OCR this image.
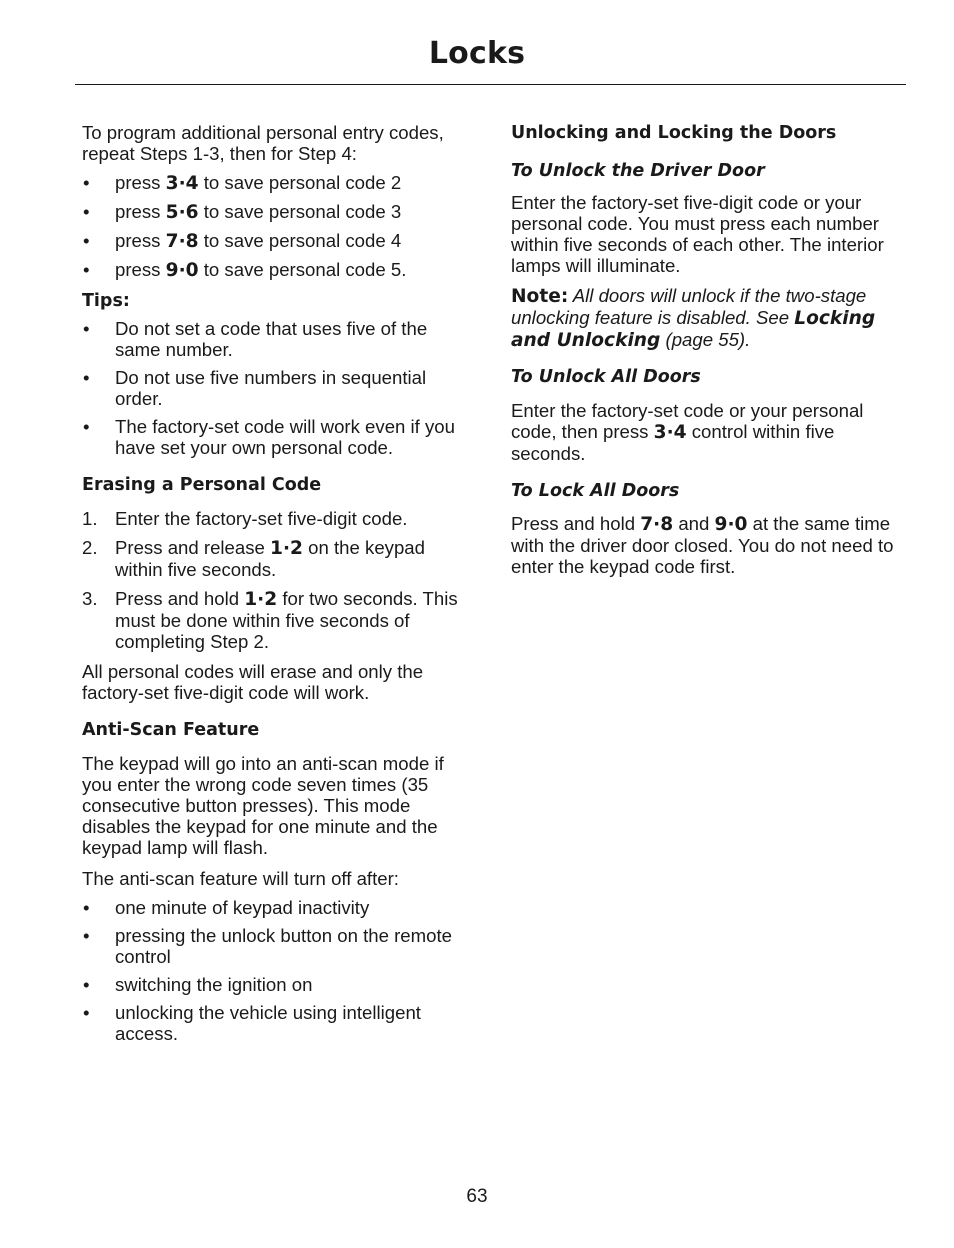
Locks

To program additional personal entry codes, repeat Steps 1-3, then for Step 4:

•	press 3·4 to save personal code 2
•	press 5·6 to save personal code 3
•	press 7·8 to save personal code 4
•	press 9·0 to save personal code 5.

Tips:

•	Do not set a code that uses five of the same number.
•	Do not use five numbers in sequential order.
•	The factory-set code will work even if you have set your own personal code.

Erasing a Personal Code

1. Enter the factory-set five-digit code.
2. Press and release 1·2 on the keypad within five seconds.
3. Press and hold 1·2 for two seconds. This must be done within five seconds of completing Step 2.

All personal codes will erase and only the factory-set five-digit code will work.

Anti-Scan Feature

The keypad will go into an anti-scan mode if you enter the wrong code seven times (35 consecutive button presses). This mode disables the keypad for one minute and the keypad lamp will flash.

The anti-scan feature will turn off after:

•	one minute of keypad inactivity
•	pressing the unlock button on the remote control
•	switching the ignition on
•	unlocking the vehicle using intelligent access.

Unlocking and Locking the Doors

To Unlock the Driver Door

Enter the factory-set five-digit code or your personal code. You must press each number within five seconds of each other. The interior lamps will illuminate.

Note: All doors will unlock if the two-stage unlocking feature is disabled. See Locking and Unlocking (page 55).

To Unlock All Doors

Enter the factory-set code or your personal code, then press 3·4 control within five seconds.

To Lock All Doors

Press and hold 7·8 and 9·0 at the same time with the driver door closed. You do not need to enter the keypad code first.

63
